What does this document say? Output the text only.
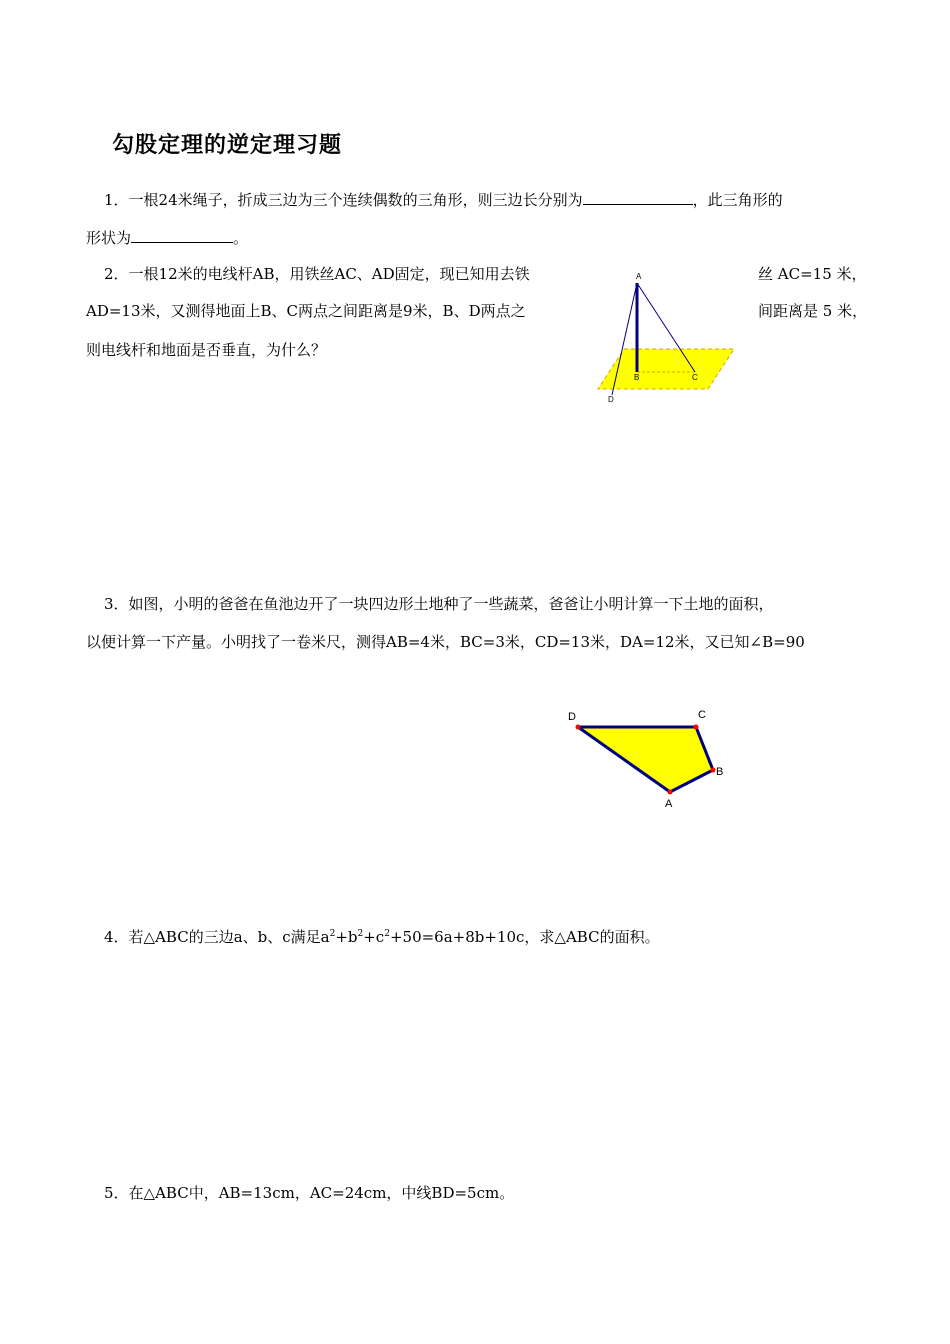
勾股定理的逆定理习题
1．一根24米绳子，折成三边为三个连续偶数的三角形，则三边长分别为	，此三角形的
形状为	。
2．一根12米的电线杆AB，用铁丝AC、AD固定，现已知用去铁	丝 AC=15 米，
AD=13米，又测得地面上B、C两点之间距离是9米，B、D两点之	间距离是 5 米，
则电线杆和地面是否垂直，为什么？
A
B	C
D
3．如图，小明的爸爸在鱼池边开了一块四边形土地种了一些蔬菜，爸爸让小明计算一下土地的面积，
以便计算一下产量。小明找了一卷米尺，测得AB=4米，BC=3米，CD=13米，DA=12米，又已知∠B=90
D	C
B
A
4．若△ABC的三边a、b、c满足$a^2+b^2+c^2+50=6a+8b+10c$，求△ABC的面积。
5．在△ABC中，AB=13cm，AC=24cm，中线BD=5cm。
